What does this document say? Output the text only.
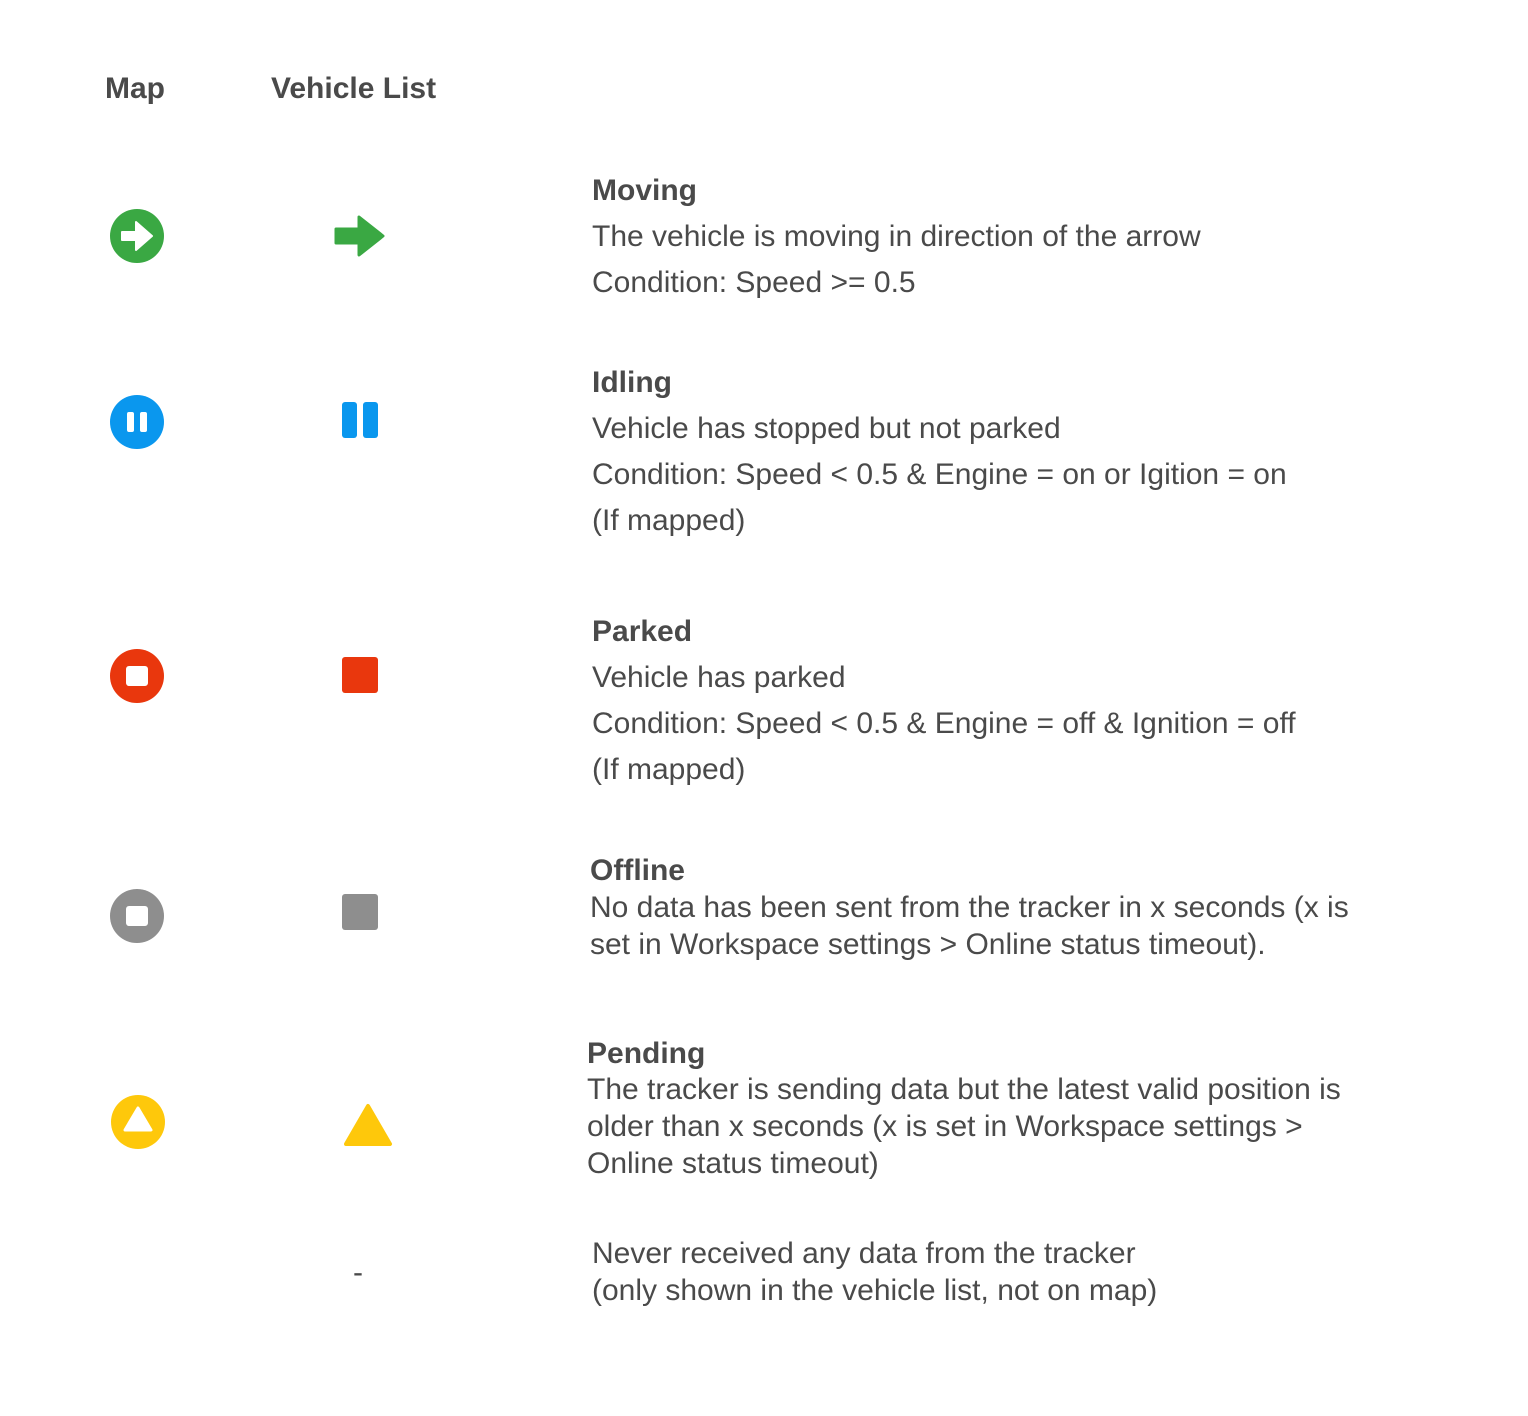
Map	Vehicle List
Moving
The vehicle is moving in direction of the arrow
Condition: Speed >= 0.5
Idling
Vehicle has stopped but not parked
Condition: Speed < 0.5 & Engine = on or Igition = on
(If mapped)
Parked
Vehicle has parked
Condition: Speed < 0.5 & Engine = off & Ignition = off
(If mapped)
Offline
No data has been sent from the tracker in x seconds (x is
set in Workspace settings > Online status timeout).
Pending
The tracker is sending data but the latest valid position is
older than x seconds (x is set in Workspace settings >
Online status timeout)
-
Never received any data from the tracker
(only shown in the vehicle list, not on map)
